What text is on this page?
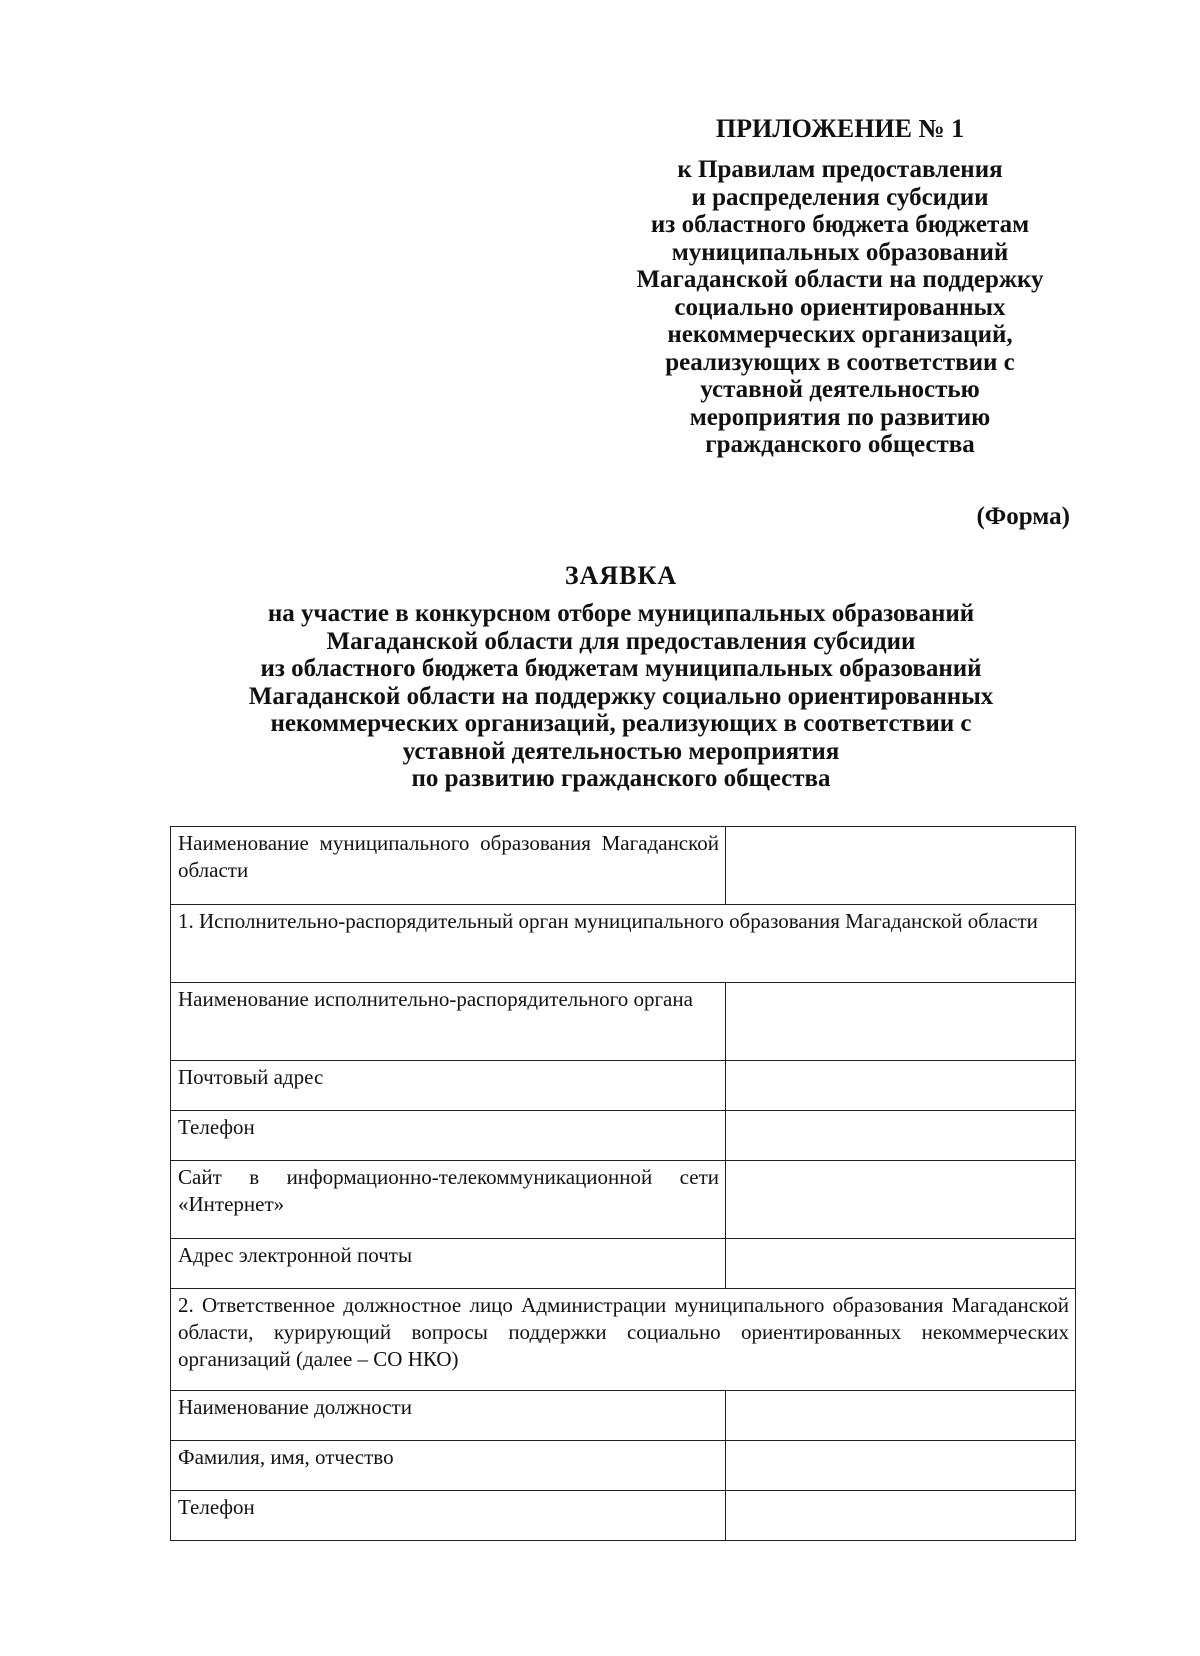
ПРИЛОЖЕНИЕ № 1
к Правилам предоставления
и распределения субсидии
из областного бюджета бюджетам
муниципальных образований
Магаданской области на поддержку
социально ориентированных
некоммерческих организаций,
реализующих в соответствии с
уставной деятельностью
мероприятия по развитию
гражданского общества
(Форма)
ЗАЯВКА
на участие в конкурсном отборе муниципальных образований
Магаданской области для предоставления субсидии
из областного бюджета бюджетам муниципальных образований
Магаданской области на поддержку социально ориентированных
некоммерческих организаций, реализующих в соответствии с
уставной деятельностью мероприятия
по развитию гражданского общества
Наименование муниципального образования Магаданской области	

1. Исполнительно-распорядительный орган муниципального образования Магаданской области	

Наименование исполнительно-распорядительного органа	

Почтовый адрес	

Телефон	

Сайт в информационно-телекоммуникационной сети «Интернет»	

Адрес электронной почты	

2. Ответственное должностное лицо Администрации муниципального образования Магаданской области, курирующий вопросы поддержки социально ориентированных некоммерческих организаций (далее – СО НКО)	

Наименование должности	

Фамилия, имя, отчество	

Телефон	
